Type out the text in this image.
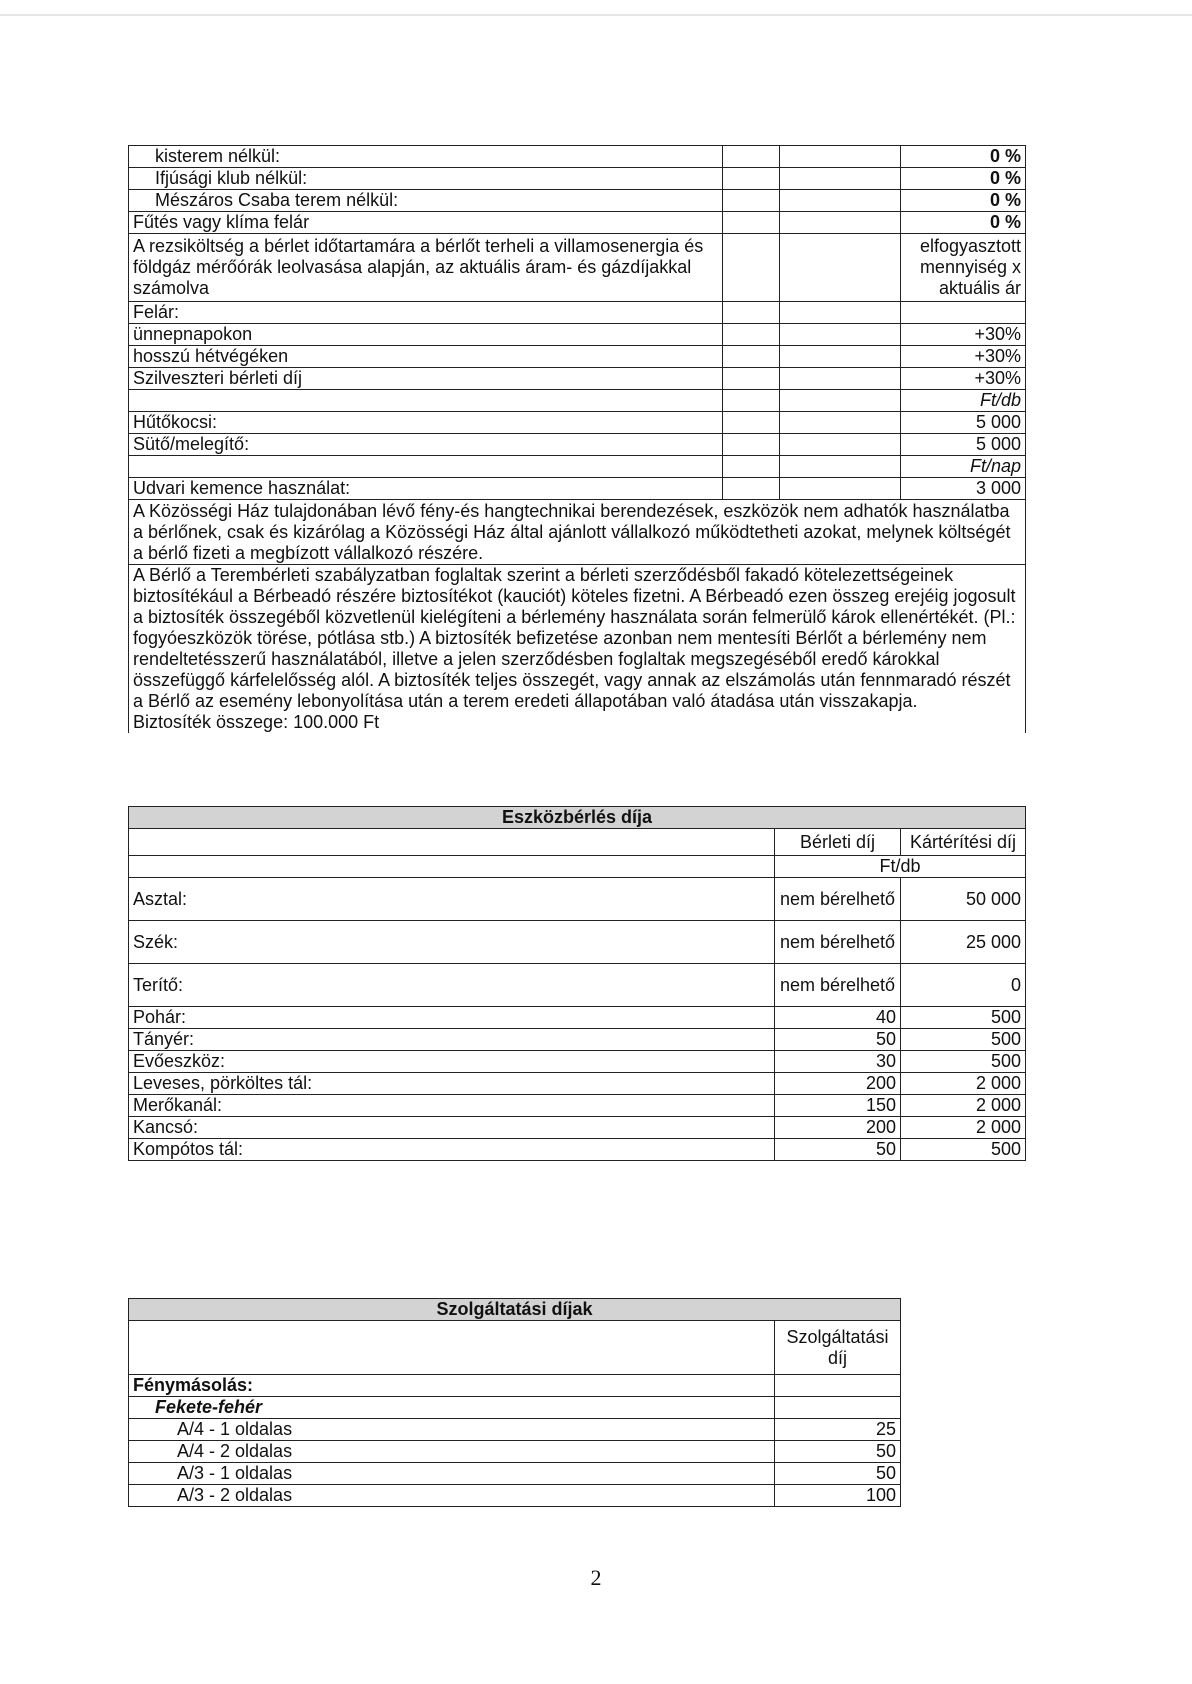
kisterem nélkül:			0 %
Ifjúsági klub nélkül:			0 %
Mészáros Csaba terem nélkül:			0 %
Fűtés vagy klíma felár			0 %
A rezsiköltség a bérlet időtartamára a bérlőt terheli a villamosenergia és földgáz mérőórák leolvasása alapján, az aktuális áram- és gázdíjakkal számolva			elfogyasztott mennyiség x aktuális ár
Felár:			
ünnepnapokon			+30%
hosszú hétvégéken			+30%
Szilveszteri bérleti díj			+30%
			Ft/db
Hűtőkocsi:			5 000
Sütő/melegítő:			5 000
			Ft/nap
Udvari kemence használat:			3 000
A Közösségi Ház tulajdonában lévő fény-és hangtechnikai berendezések, eszközök nem adhatók használatba a bérlőnek, csak és kizárólag a Közösségi Ház által ajánlott vállalkozó működtetheti azokat, melynek költségét a bérlő fizeti a megbízott vállalkozó részére.			

A Bérlő a Terembérleti szabályzatban foglaltak szerint a bérleti szerződésből fakadó kötelezettségeinek biztosítékául a Bérbeadó részére biztosítékot (kauciót) köteles fizetni. A Bérbeadó ezen összeg erejéig jogosult a biztosíték összegéből közvetlenül kielégíteni a bérlemény használata során felmerülő károk ellenértékét. (Pl.: fogyóeszközök törése, pótlása stb.) A biztosíték befizetése azonban nem mentesíti Bérlőt a bérlemény nem rendeltetésszerű használatából, illetve a jelen szerződésben foglaltak megszegéséből eredő károkkal összefüggő kárfelelősség alól. A biztosíték teljes összegét, vagy annak az elszámolás után fennmaradó részét a Bérlő az esemény lebonyolítása után a terem eredeti állapotában való átadása után visszakapja.
Biztosíték összege: 100.000 Ft			
Eszközbérlés díja		
	Bérleti díj	Kártérítési díj
	Ft/db	
Asztal:	nem bérelhető	50 000
Szék:	nem bérelhető	25 000
Terítő:	nem bérelhető	0
Pohár:	40	500
Tányér:	50	500
Evőeszköz:	30	500
Leveses, pörköltes tál:	200	2 000
Merőkanál:	150	2 000
Kancsó:	200	2 000
Kompótos tál:	50	500
Szolgáltatási díjak	
	Szolgáltatási díj
Fénymásolás:	
Fekete-fehér	
A/4 - 1 oldalas	25
A/4 - 2 oldalas	50
A/3 - 1 oldalas	50
A/3 - 2 oldalas	100
2
